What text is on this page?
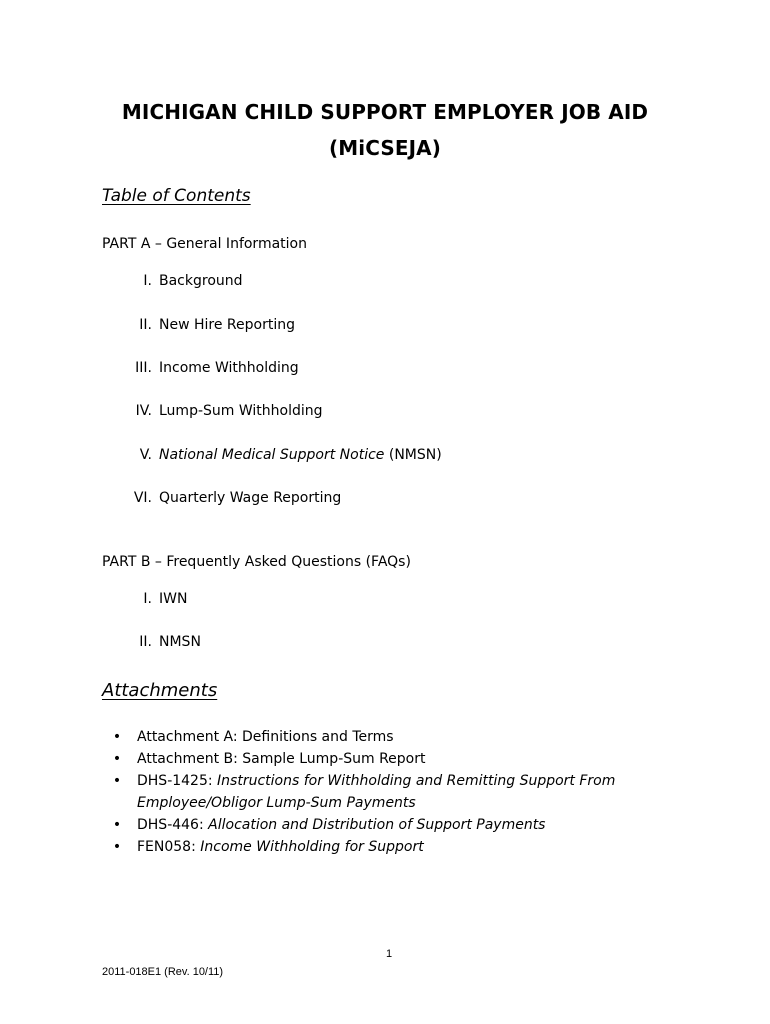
MICHIGAN CHILD SUPPORT EMPLOYER JOB AID
(MiCSEJA)
Table of Contents
PART A – General Information
I. Background
II. New Hire Reporting
III. Income Withholding
IV. Lump-Sum Withholding
V. National Medical Support Notice (NMSN)
VI. Quarterly Wage Reporting
PART B – Frequently Asked Questions (FAQs)
I. IWN
II. NMSN
Attachments
• Attachment A: Definitions and Terms
• Attachment B: Sample Lump-Sum Report
• DHS-1425: Instructions for Withholding and Remitting Support From Employee/Obligor Lump-Sum Payments
• DHS-446: Allocation and Distribution of Support Payments
• FEN058: Income Withholding for Support
1
2011-018E1 (Rev. 10/11)
